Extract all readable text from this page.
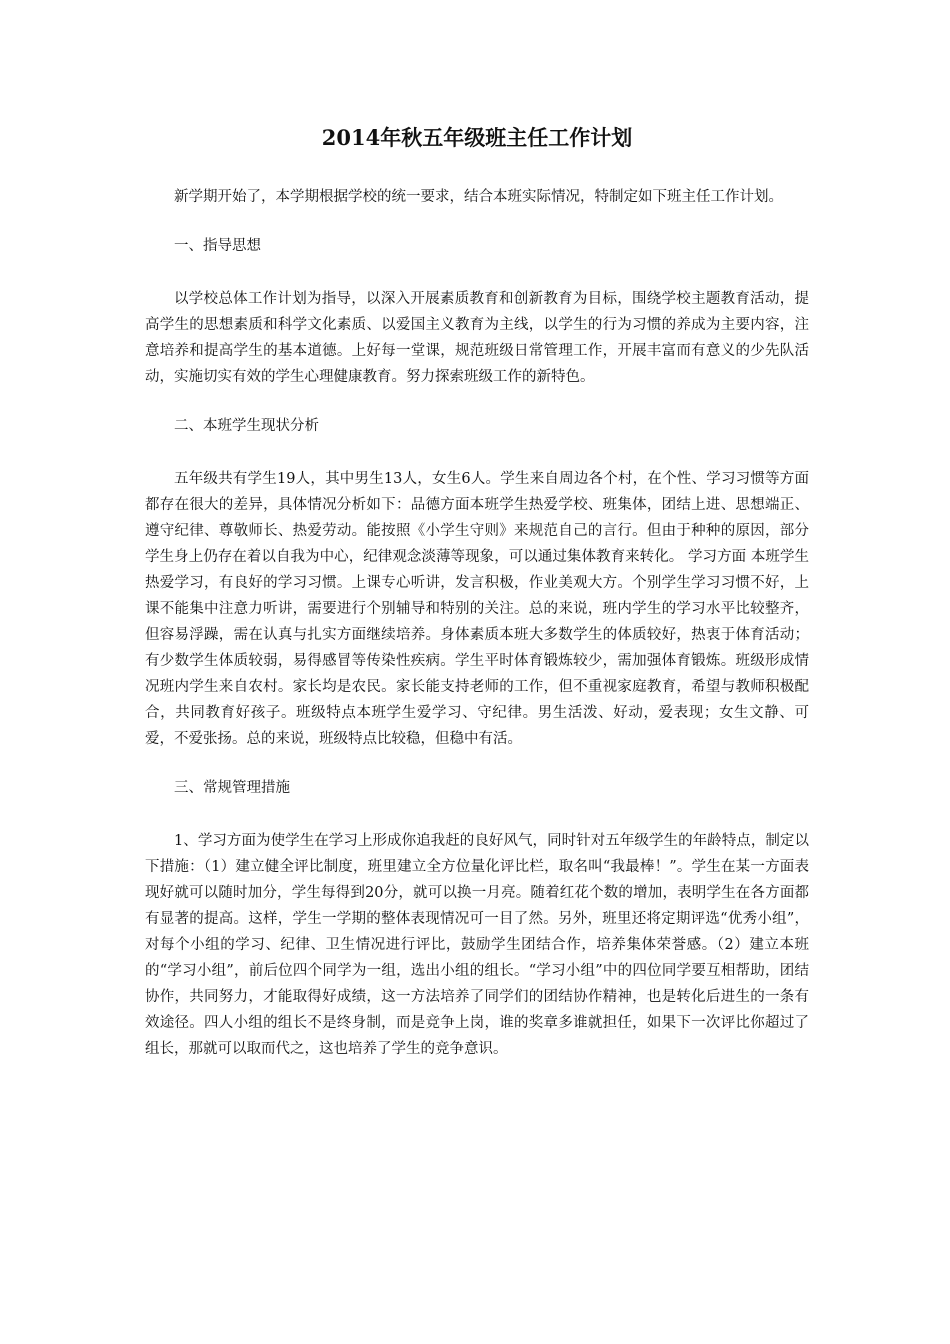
2014年秋五年级班主任工作计划

新学期开始了，本学期根据学校的统一要求，结合本班实际情况，特制定如下班主任工作计划。

一、指导思想

以学校总体工作计划为指导，以深入开展素质教育和创新教育为目标，围绕学校主题教育活动，提高学生的思想素质和科学文化素质、以爱国主义教育为主线，以学生的行为习惯的养成为主要内容，注意培养和提高学生的基本道德。上好每一堂课，规范班级日常管理工作，开展丰富而有意义的少先队活动，实施切实有效的学生心理健康教育。努力探索班级工作的新特色。

二、本班学生现状分析

五年级共有学生19人，其中男生13人，女生6人。学生来自周边各个村，在个性、学习习惯等方面都存在很大的差异，具体情况分析如下：品德方面本班学生热爱学校、班集体，团结上进、思想端正、遵守纪律、尊敬师长、热爱劳动。能按照《小学生守则》来规范自己的言行。但由于种种的原因，部分学生身上仍存在着以自我为中心，纪律观念淡薄等现象，可以通过集体教育来转化。 学习方面 本班学生热爱学习，有良好的学习习惯。上课专心听讲，发言积极，作业美观大方。个别学生学习习惯不好，上课不能集中注意力听讲，需要进行个别辅导和特别的关注。总的来说，班内学生的学习水平比较整齐，但容易浮躁，需在认真与扎实方面继续培养。身体素质本班大多数学生的体质较好，热衷于体育活动；有少数学生体质较弱，易得感冒等传染性疾病。学生平时体育锻炼较少，需加强体育锻炼。班级形成情况班内学生来自农村。家长均是农民。家长能支持老师的工作，但不重视家庭教育，希望与教师积极配合，共同教育好孩子。班级特点本班学生爱学习、守纪律。男生活泼、好动，爱表现；女生文静、可爱，不爱张扬。总的来说，班级特点比较稳，但稳中有活。

三、常规管理措施

1、学习方面为使学生在学习上形成你追我赶的良好风气，同时针对五年级学生的年龄特点，制定以下措施：（1）建立健全评比制度，班里建立全方位量化评比栏，取名叫“我最棒！”。学生在某一方面表现好就可以随时加分，学生每得到20分，就可以换一月亮。随着红花个数的增加，表明学生在各方面都有显著的提高。这样，学生一学期的整体表现情况可一目了然。另外，班里还将定期评选“优秀小组”，对每个小组的学习、纪律、卫生情况进行评比，鼓励学生团结合作，培养集体荣誉感。（2）建立本班的“学习小组”，前后位四个同学为一组，选出小组的组长。“学习小组”中的四位同学要互相帮助，团结协作，共同努力，才能取得好成绩，这一方法培养了同学们的团结协作精神，也是转化后进生的一条有效途径。四人小组的组长不是终身制，而是竞争上岗，谁的奖章多谁就担任，如果下一次评比你超过了组长，那就可以取而代之，这也培养了学生的竞争意识。
